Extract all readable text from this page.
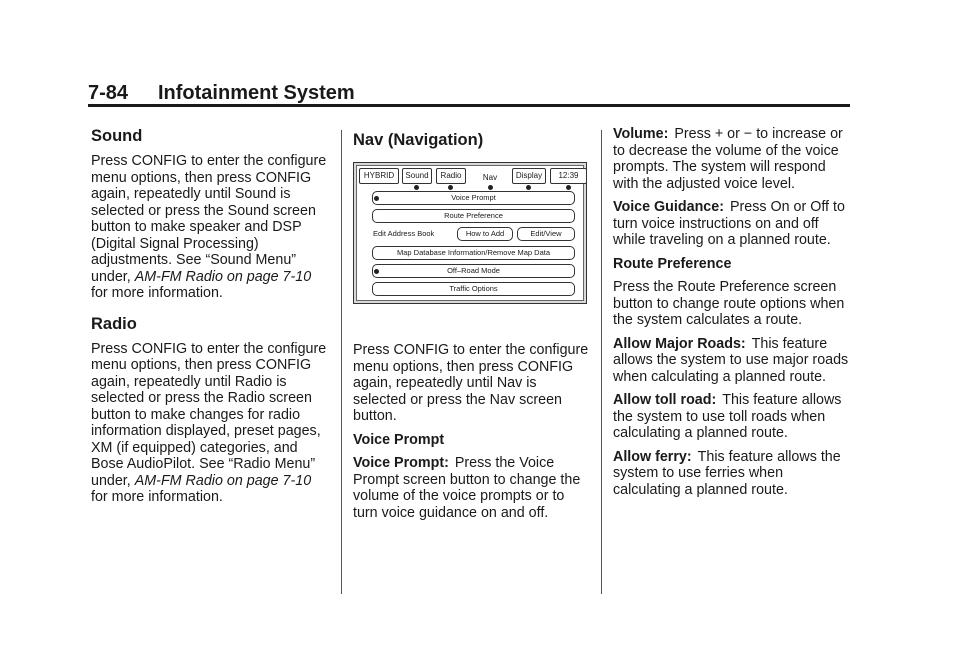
7-84 Infotainment System
Sound

Press CONFIG to enter the configure menu options, then press CONFIG again, repeatedly until Sound is selected or press the Sound screen button to make speaker and DSP (Digital Signal Processing) adjustments. See “Sound Menu” under, AM-FM Radio on page 7-10 for more information.

Radio

Press CONFIG to enter the configure menu options, then press CONFIG again, repeatedly until Radio is selected or press the Radio screen button to make changes for radio information displayed, preset pages, XM (if equipped) categories, and Bose AudioPilot. See “Radio Menu” under, AM-FM Radio on page 7-10 for more information.

Nav (Navigation)
HYBRID	Sound	Radio	Nav	Display	12:39
Voice Prompt
Route Preference
Edit Address Book	How to Add	Edit/View
Map Database Information/Remove Map Data
Off–Road Mode
Traffic Options

Press CONFIG to enter the configure menu options, then press CONFIG again, repeatedly until Nav is selected or press the Nav screen button.

Voice Prompt

Voice Prompt: Press the Voice Prompt screen button to change the volume of the voice prompts or to turn voice guidance on and off.

Volume: Press + or − to increase or to decrease the volume of the voice prompts. The system will respond with the adjusted voice level.

Voice Guidance: Press On or Off to turn voice instructions on and off while traveling on a planned route.

Route Preference

Press the Route Preference screen button to change route options when the system calculates a route.

Allow Major Roads: This feature allows the system to use major roads when calculating a planned route.

Allow toll road: This feature allows the system to use toll roads when calculating a planned route.

Allow ferry: This feature allows the system to use ferries when calculating a planned route.
